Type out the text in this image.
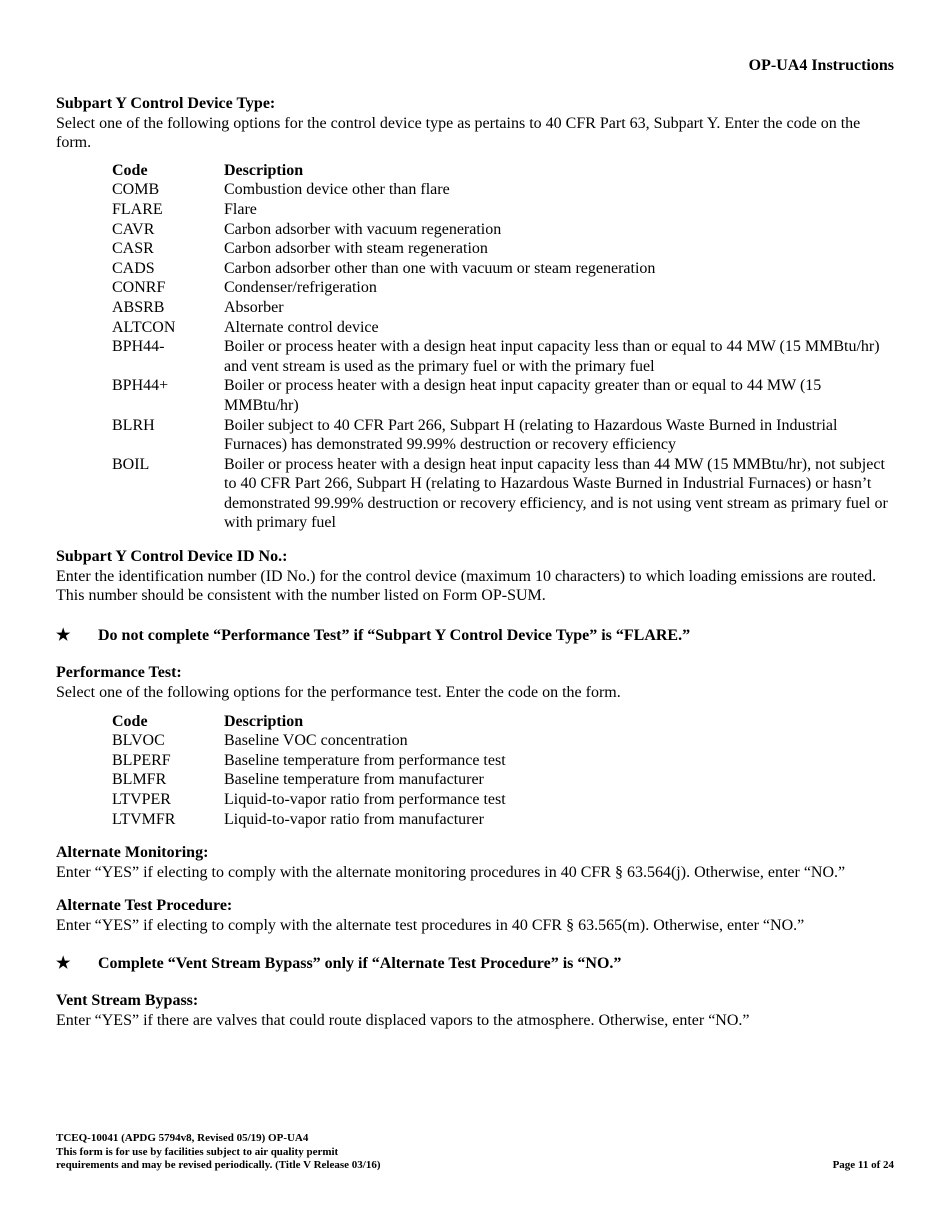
OP-UA4 Instructions

Subpart Y Control Device Type:

Select one of the following options for the control device type as pertains to 40 CFR Part 63, Subpart Y. Enter the code on the form.

Code	Description
COMB	Combustion device other than flare
FLARE	Flare
CAVR	Carbon adsorber with vacuum regeneration
CASR	Carbon adsorber with steam regeneration
CADS	Carbon adsorber other than one with vacuum or steam regeneration
CONRF	Condenser/refrigeration
ABSRB	Absorber
ALTCON	Alternate control device
BPH44-	Boiler or process heater with a design heat input capacity less than or equal to 44 MW (15 MMBtu/hr) and vent stream is used as the primary fuel or with the primary fuel
BPH44+	Boiler or process heater with a design heat input capacity greater than or equal to 44 MW (15 MMBtu/hr)
BLRH	Boiler subject to 40 CFR Part 266, Subpart H (relating to Hazardous Waste Burned in Industrial Furnaces) has demonstrated 99.99% destruction or recovery efficiency
BOIL	Boiler or process heater with a design heat input capacity less than 44 MW (15 MMBtu/hr), not subject to 40 CFR Part 266, Subpart H (relating to Hazardous Waste Burned in Industrial Furnaces) or hasn’t demonstrated 99.99% destruction or recovery efficiency, and is not using vent stream as primary fuel or with primary fuel

Subpart Y Control Device ID No.:

Enter the identification number (ID No.) for the control device (maximum 10 characters) to which loading emissions are routed. This number should be consistent with the number listed on Form OP-SUM.

★	Do not complete “Performance Test” if “Subpart Y Control Device Type” is “FLARE.”

Performance Test:

Select one of the following options for the performance test. Enter the code on the form.

Code	Description
BLVOC	Baseline VOC concentration
BLPERF	Baseline temperature from performance test
BLMFR	Baseline temperature from manufacturer
LTVPER	Liquid-to-vapor ratio from performance test
LTVMFR	Liquid-to-vapor ratio from manufacturer

Alternate Monitoring:

Enter “YES” if electing to comply with the alternate monitoring procedures in 40 CFR § 63.564(j). Otherwise, enter “NO.”

Alternate Test Procedure:

Enter “YES” if electing to comply with the alternate test procedures in 40 CFR § 63.565(m). Otherwise, enter “NO.”

★	Complete “Vent Stream Bypass” only if “Alternate Test Procedure” is “NO.”

Vent Stream Bypass:

Enter “YES” if there are valves that could route displaced vapors to the atmosphere. Otherwise, enter “NO.”

TCEQ-10041 (APDG 5794v8, Revised 05/19) OP-UA4
This form is for use by facilities subject to air quality permit
requirements and may be revised periodically. (Title V Release 03/16)	Page 11 of 24
